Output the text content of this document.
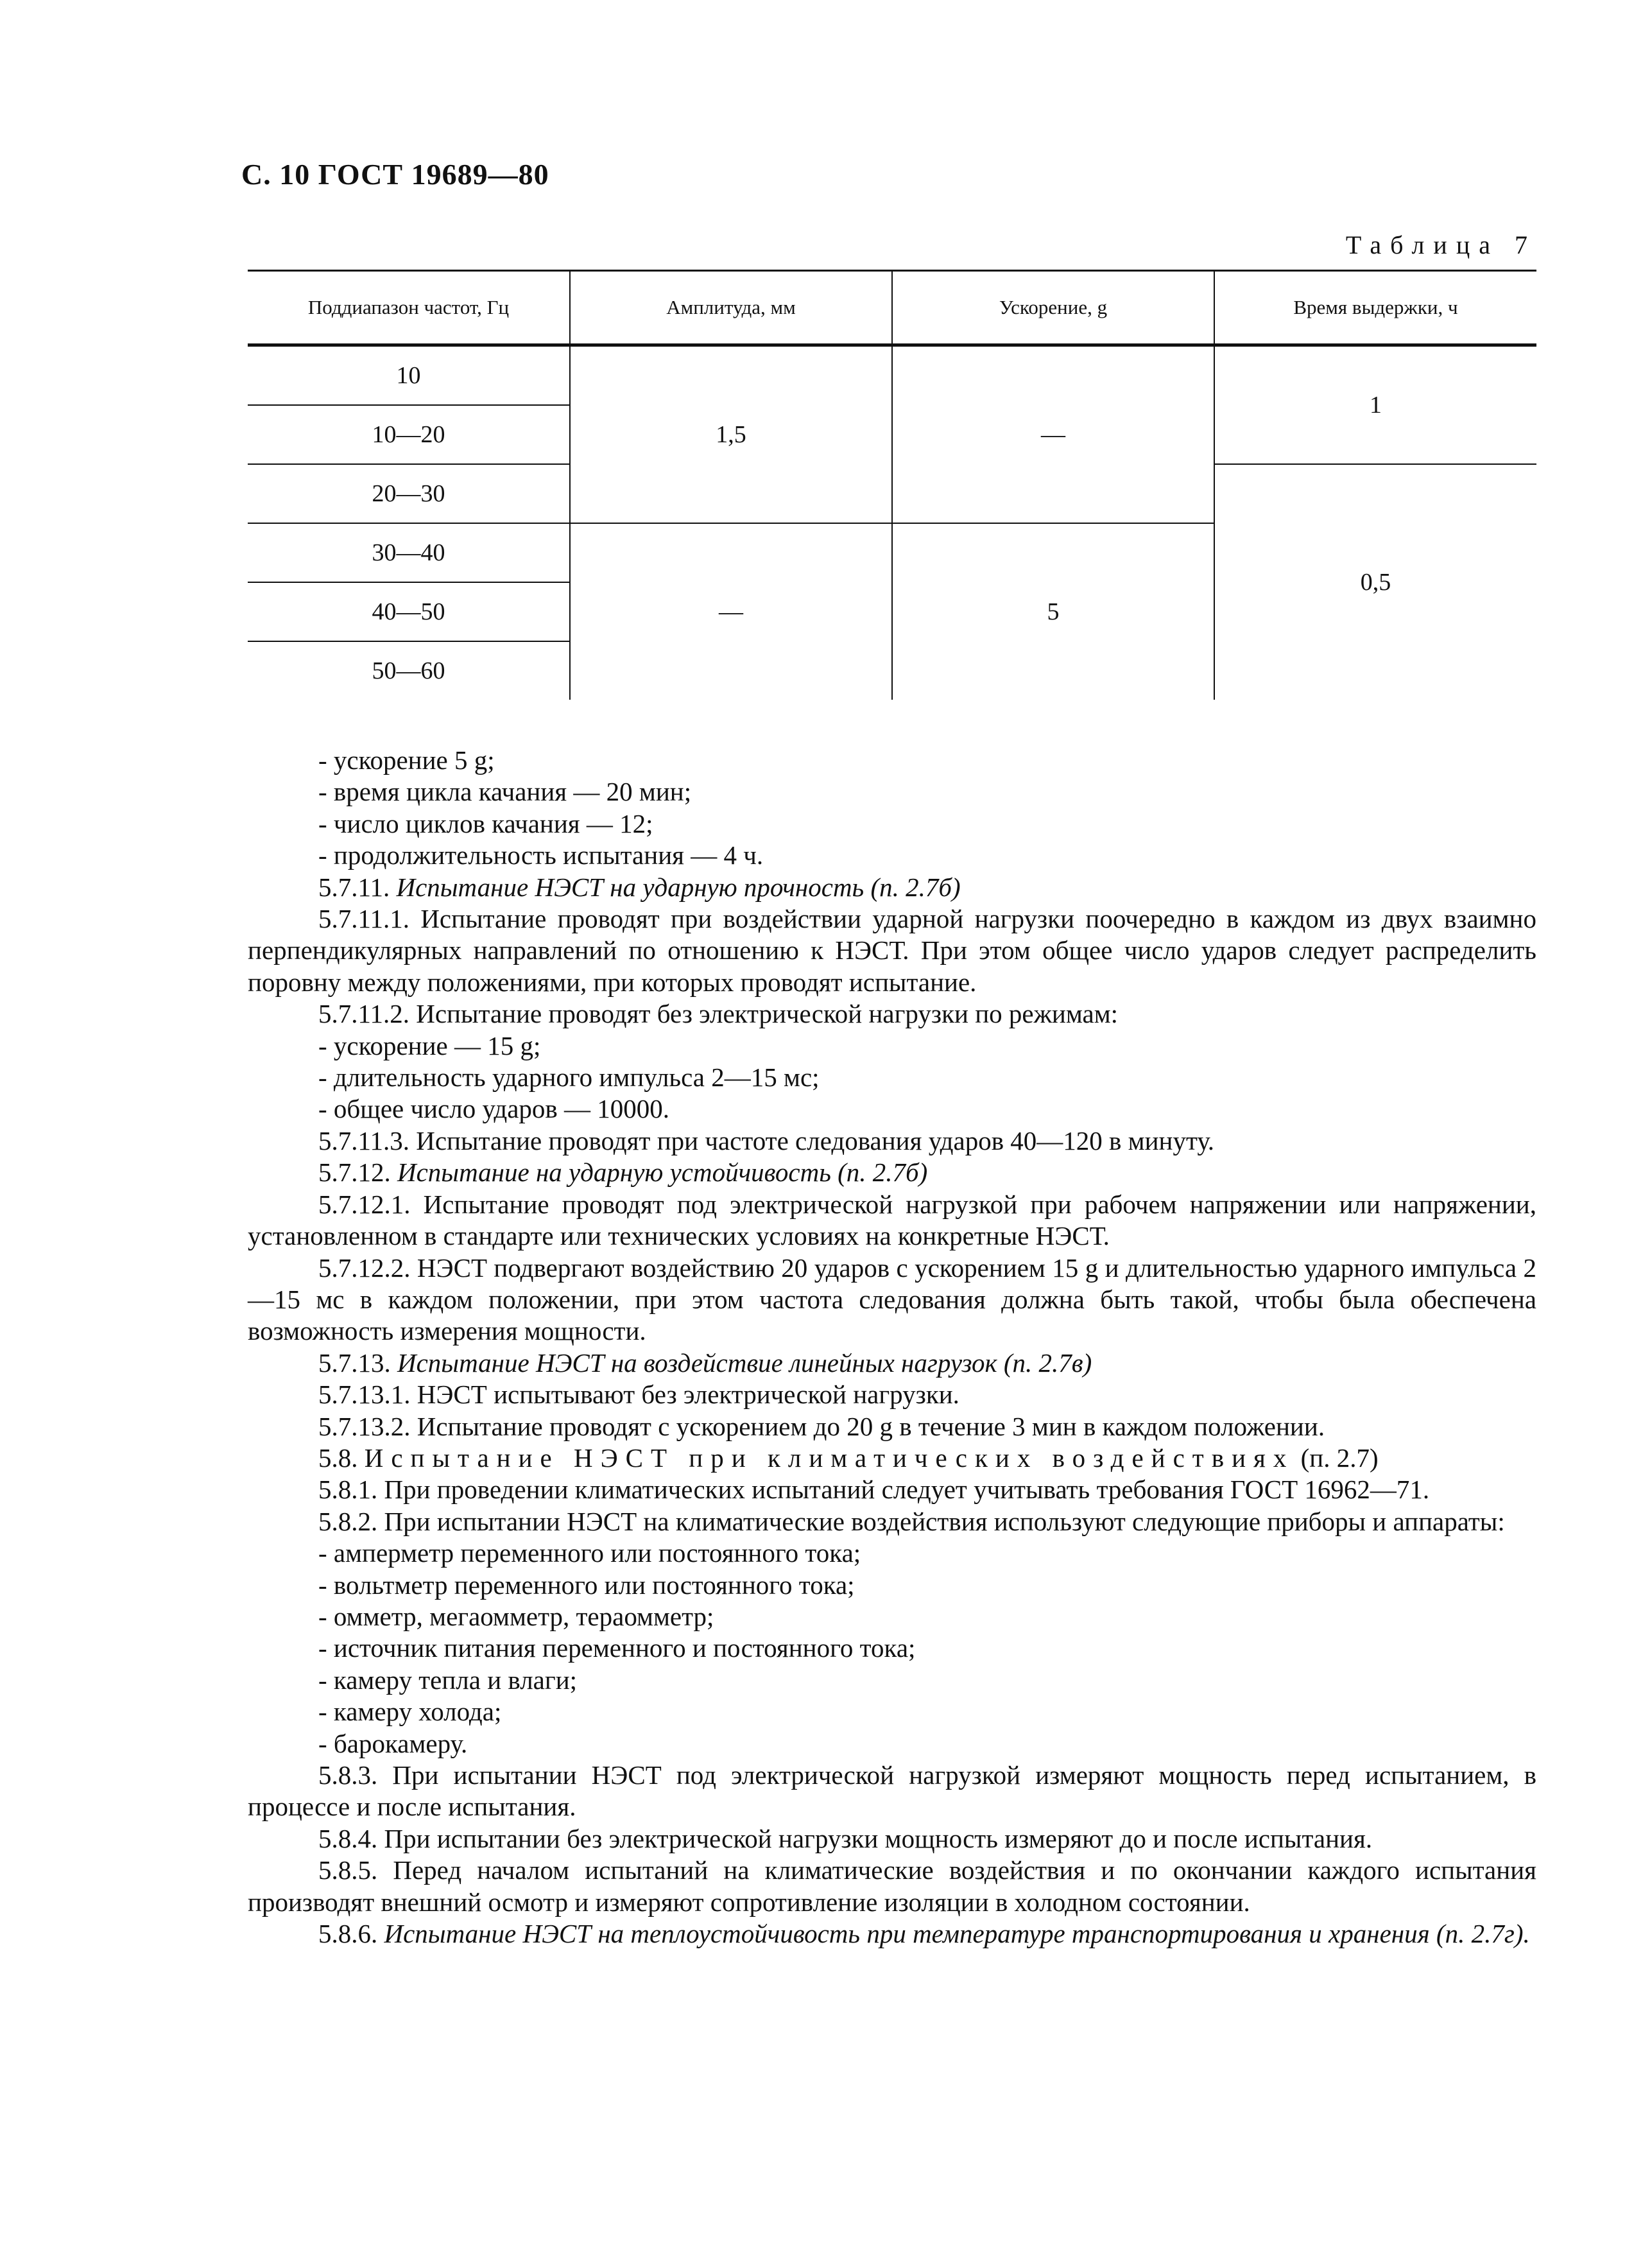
С. 10 ГОСТ 19689—80
Таблица 7
Поддиапазон частот, Гц	Амплитуда, мм	Ускорение, g	Время выдержки, ч
10	1,5	—	1
10—20			
20—30			0,5
30—40	—	5	
40—50			
50—60			

- ускорение 5 g;

- время цикла качания — 20 мин;

- число циклов качания — 12;

- продолжительность испытания — 4 ч.

5.7.11. Испытание НЭСТ на ударную прочность (п. 2.7б)

5.7.11.1. Испытание проводят при воздействии ударной нагрузки поочередно в каждом из двух взаимно перпендикулярных направлений по отношению к НЭСТ. При этом общее число ударов следует распределить поровну между положениями, при которых проводят испытание.

5.7.11.2. Испытание проводят без электрической нагрузки по режимам:

- ускорение — 15 g;

- длительность ударного импульса 2—15 мс;

- общее число ударов — 10000.

5.7.11.3. Испытание проводят при частоте следования ударов 40—120 в минуту.

5.7.12. Испытание на ударную устойчивость (п. 2.7б)

5.7.12.1. Испытание проводят под электрической нагрузкой при рабочем напряжении или напряжении, установленном в стандарте или технических условиях на конкретные НЭСТ.

5.7.12.2. НЭСТ подвергают воздействию 20 ударов с ускорением 15 g и длительностью ударного импульса 2—15 мс в каждом положении, при этом частота следования должна быть такой, чтобы была обеспечена возможность измерения мощности.

5.7.13. Испытание НЭСТ на воздействие линейных нагрузок (п. 2.7в)

5.7.13.1. НЭСТ испытывают без электрической нагрузки.

5.7.13.2. Испытание проводят с ускорением до 20 g в течение 3 мин в каждом положении.

5.8. Испытание НЭСТ при климатических воздействиях (п. 2.7)

5.8.1. При проведении климатических испытаний следует учитывать требования ГОСТ 16962—71.

5.8.2. При испытании НЭСТ на климатические воздействия используют следующие приборы и аппараты:

- амперметр переменного или постоянного тока;

- вольтметр переменного или постоянного тока;

- омметр, мегаомметр, тераомметр;

- источник питания переменного и постоянного тока;

- камеру тепла и влаги;

- камеру холода;

- барокамеру.

5.8.3. При испытании НЭСТ под электрической нагрузкой измеряют мощность перед испытанием, в процессе и после испытания.

5.8.4. При испытании без электрической нагрузки мощность измеряют до и после испытания.

5.8.5. Перед началом испытаний на климатические воздействия и по окончании каждого испытания производят внешний осмотр и измеряют сопротивление изоляции в холодном состоянии.

5.8.6. Испытание НЭСТ на теплоустойчивость при температуре транспортирования и хранения (п. 2.7г).
